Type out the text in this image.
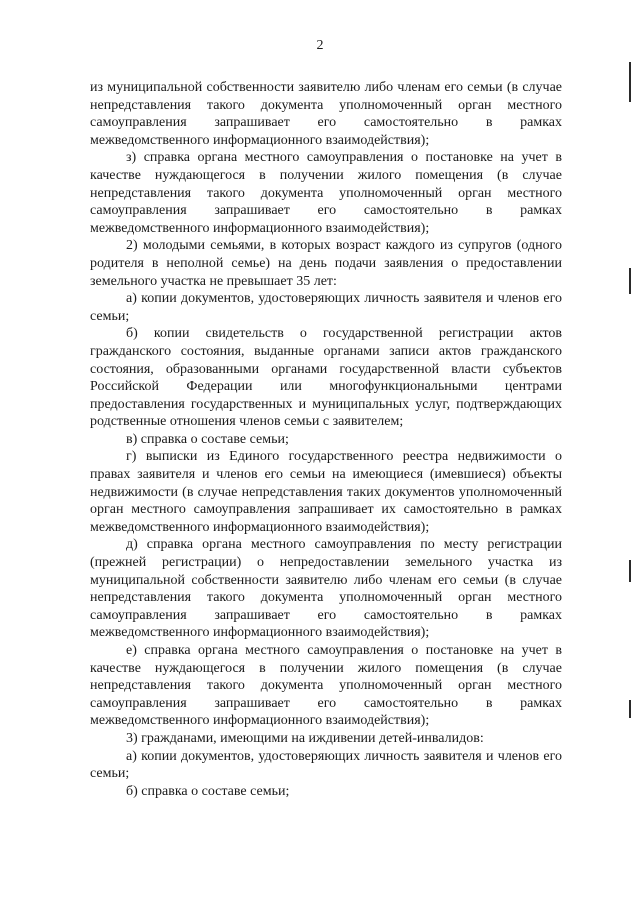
2

из муниципальной собственности заявителю либо членам его семьи (в случае непредставления такого документа уполномоченный орган местного самоуправления запрашивает его самостоятельно в рамках межведомственного информационного взаимодействия);

з) справка органа местного самоуправления о постановке на учет в качестве нуждающегося в получении жилого помещения (в случае непредставления такого документа уполномоченный орган местного самоуправления запрашивает его самостоятельно в рамках межведомственного информационного взаимодействия);

2) молодыми семьями, в которых возраст каждого из супругов (одного родителя в неполной семье) на день подачи заявления о предоставлении земельного участка не превышает 35 лет:

а) копии документов, удостоверяющих личность заявителя и членов его семьи;

б) копии свидетельств о государственной регистрации актов гражданского состояния, выданные органами записи актов гражданского состояния, образованными органами государственной власти субъектов Российской Федерации или многофункциональными центрами предоставления государственных и муниципальных услуг, подтверждающих родственные отношения членов семьи с заявителем;

в) справка о составе семьи;

г) выписки из Единого государственного реестра недвижимости о правах заявителя и членов его семьи на имеющиеся (имевшиеся) объекты недвижимости (в случае непредставления таких документов уполномоченный орган местного самоуправления запрашивает их самостоятельно в рамках межведомственного информационного взаимодействия);

д) справка органа местного самоуправления по месту регистрации (прежней регистрации) о непредоставлении земельного участка из муниципальной собственности заявителю либо членам его семьи (в случае непредставления такого документа уполномоченный орган местного самоуправления запрашивает его самостоятельно в рамках межведомственного информационного взаимодействия);

е) справка органа местного самоуправления о постановке на учет в качестве нуждающегося в получении жилого помещения (в случае непредставления такого документа уполномоченный орган местного самоуправления запрашивает его самостоятельно в рамках межведомственного информационного взаимодействия);

3) гражданами, имеющими на иждивении детей-инвалидов:

а) копии документов, удостоверяющих личность заявителя и членов его семьи;

б) справка о составе семьи;
